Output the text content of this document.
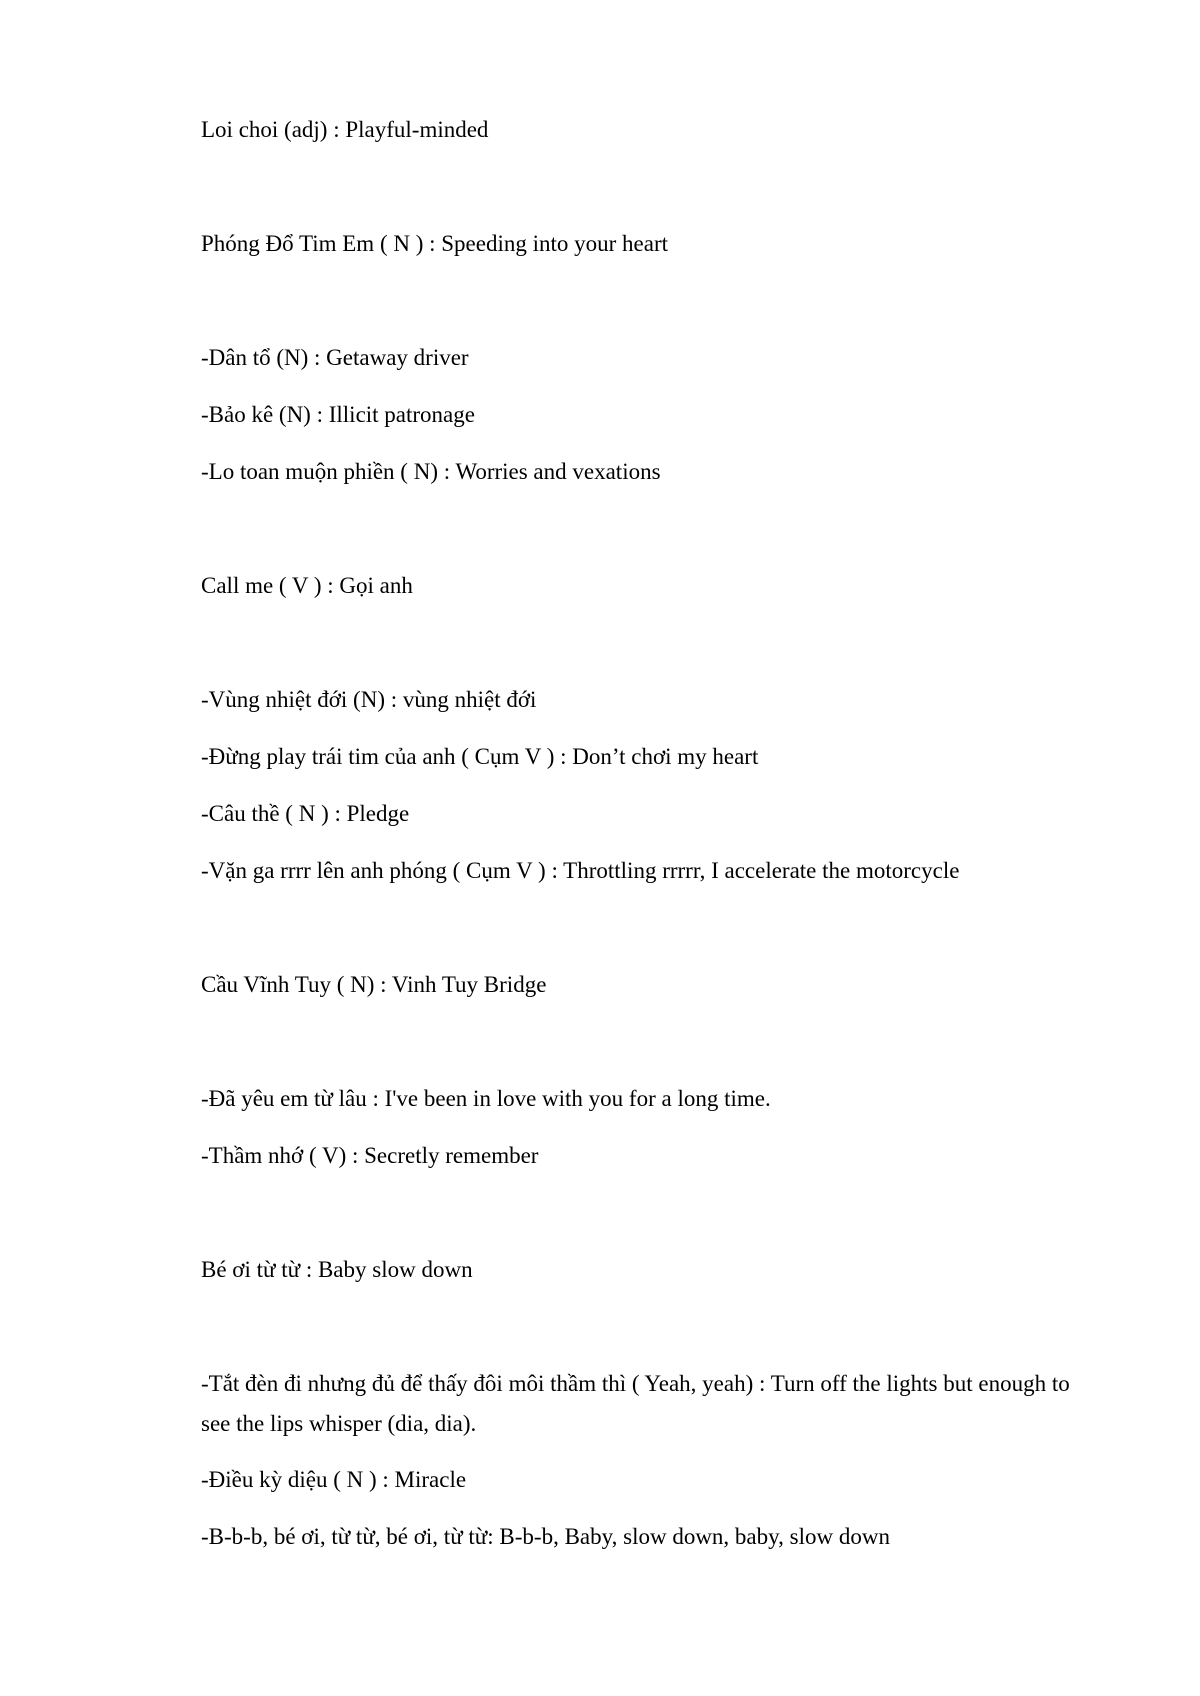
Loi choi (adj) : Playful-minded

Phóng Đổ Tim Em ( N ) : Speeding into your heart

-Dân tổ (N) : Getaway driver

-Bảo kê (N) : Illicit patronage

-Lo toan muộn phiền ( N) : Worries and vexations

Call me ( V ) : Gọi anh

-Vùng nhiệt đới (N) : vùng nhiệt đới

-Đừng play trái tim của anh ( Cụm V ) : Don’t chơi my heart

-Câu thề ( N ) : Pledge

-Vặn ga rrrr lên anh phóng ( Cụm V ) : Throttling rrrrr, I accelerate the motorcycle

Cầu Vĩnh Tuy ( N) : Vinh Tuy Bridge

-Đã yêu em từ lâu : I've been in love with you for a long time.

-Thầm nhớ ( V) : Secretly remember

Bé ơi từ từ : Baby slow down

-Tắt đèn đi nhưng đủ để thấy đôi môi thầm thì ( Yeah, yeah) : Turn off the lights but enough to see the lips whisper (dia, dia).

-Điều kỳ diệu ( N ) : Miracle

-B-b-b, bé ơi, từ từ, bé ơi, từ từ: B-b-b, Baby, slow down, baby, slow down
